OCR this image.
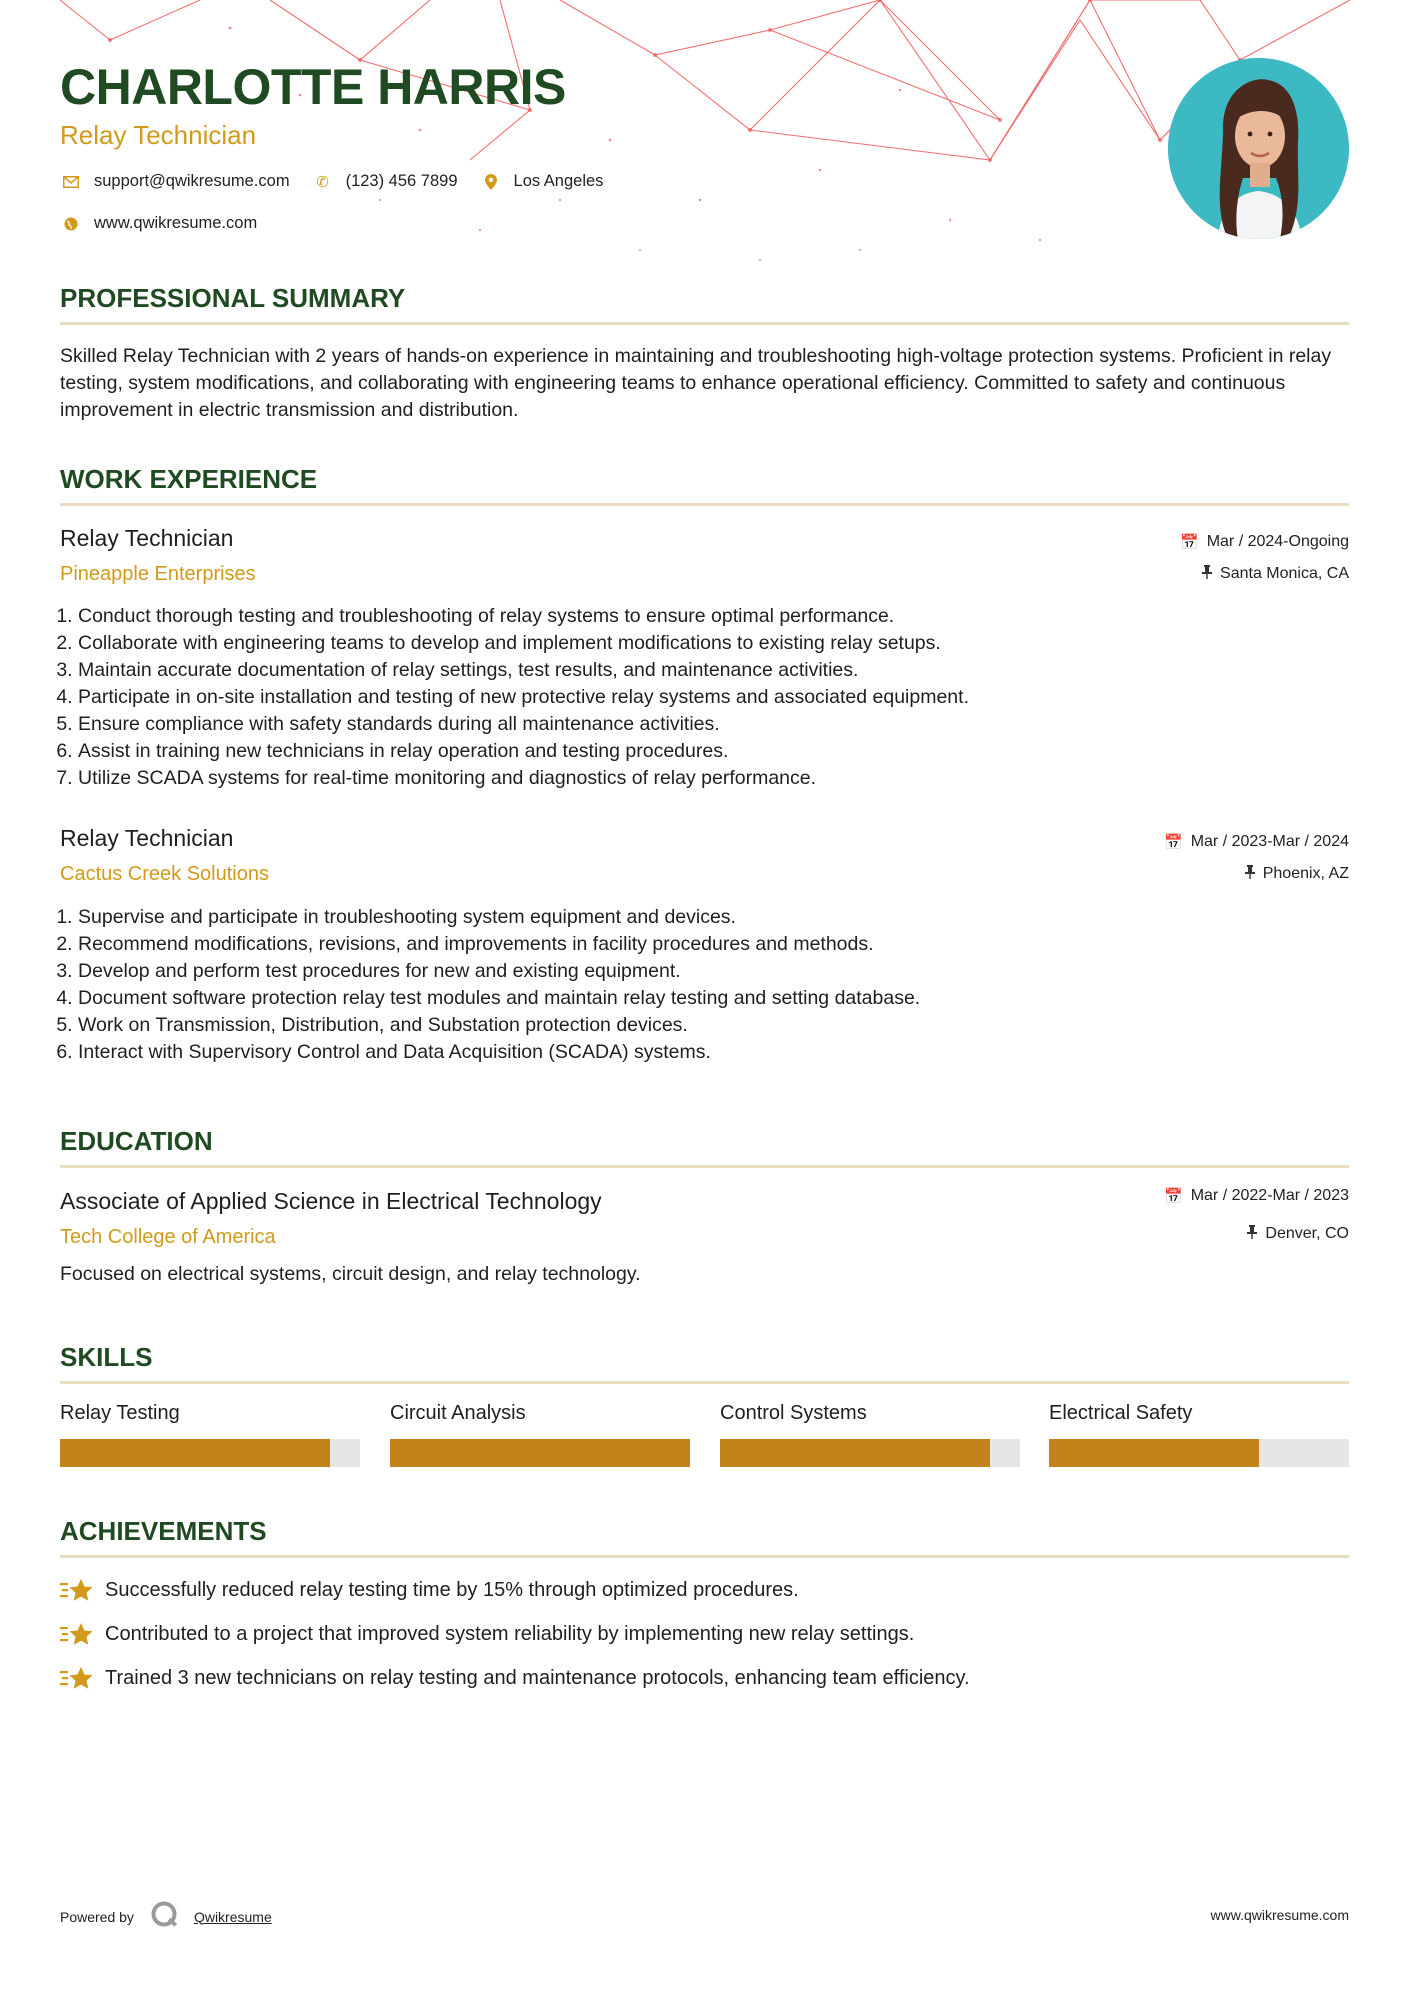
CHARLOTTE HARRIS
Relay Technician
support@qwikresume.com	✆ (123) 456 7899	Los Angeles
www.qwikresume.com
PROFESSIONAL SUMMARY

Skilled Relay Technician with 2 years of hands-on experience in maintaining and troubleshooting high-voltage protection systems. Proficient in relay testing, system modifications, and collaborating with engineering teams to enhance operational efficiency. Committed to safety and continuous improvement in electric transmission and distribution.

WORK EXPERIENCE
Relay Technician
Pineapple Enterprises
📅 Mar / 2024-Ongoing
Santa Monica, CA
1. Conduct thorough testing and troubleshooting of relay systems to ensure optimal performance.
2. Collaborate with engineering teams to develop and implement modifications to existing relay setups.
3. Maintain accurate documentation of relay settings, test results, and maintenance activities.
4. Participate in on-site installation and testing of new protective relay systems and associated equipment.
5. Ensure compliance with safety standards during all maintenance activities.
6. Assist in training new technicians in relay operation and testing procedures.
7. Utilize SCADA systems for real-time monitoring and diagnostics of relay performance.
Relay Technician
Cactus Creek Solutions
📅 Mar / 2023-Mar / 2024
Phoenix, AZ
1. Supervise and participate in troubleshooting system equipment and devices.
2. Recommend modifications, revisions, and improvements in facility procedures and methods.
3. Develop and perform test procedures for new and existing equipment.
4. Document software protection relay test modules and maintain relay testing and setting database.
5. Work on Transmission, Distribution, and Substation protection devices.
6. Interact with Supervisory Control and Data Acquisition (SCADA) systems.
EDUCATION
Associate of Applied Science in Electrical Technology
Tech College of America
📅 Mar / 2022-Mar / 2023
Denver, CO

Focused on electrical systems, circuit design, and relay technology.

SKILLS
Relay Testing	Circuit Analysis	Control Systems	Electrical Safety
ACHIEVEMENTS
Successfully reduced relay testing time by 15% through optimized procedures.
Contributed to a project that improved system reliability by implementing new relay settings.
Trained 3 new technicians on relay testing and maintenance protocols, enhancing team efficiency.
Powered by	Qwikresume	www.qwikresume.com
